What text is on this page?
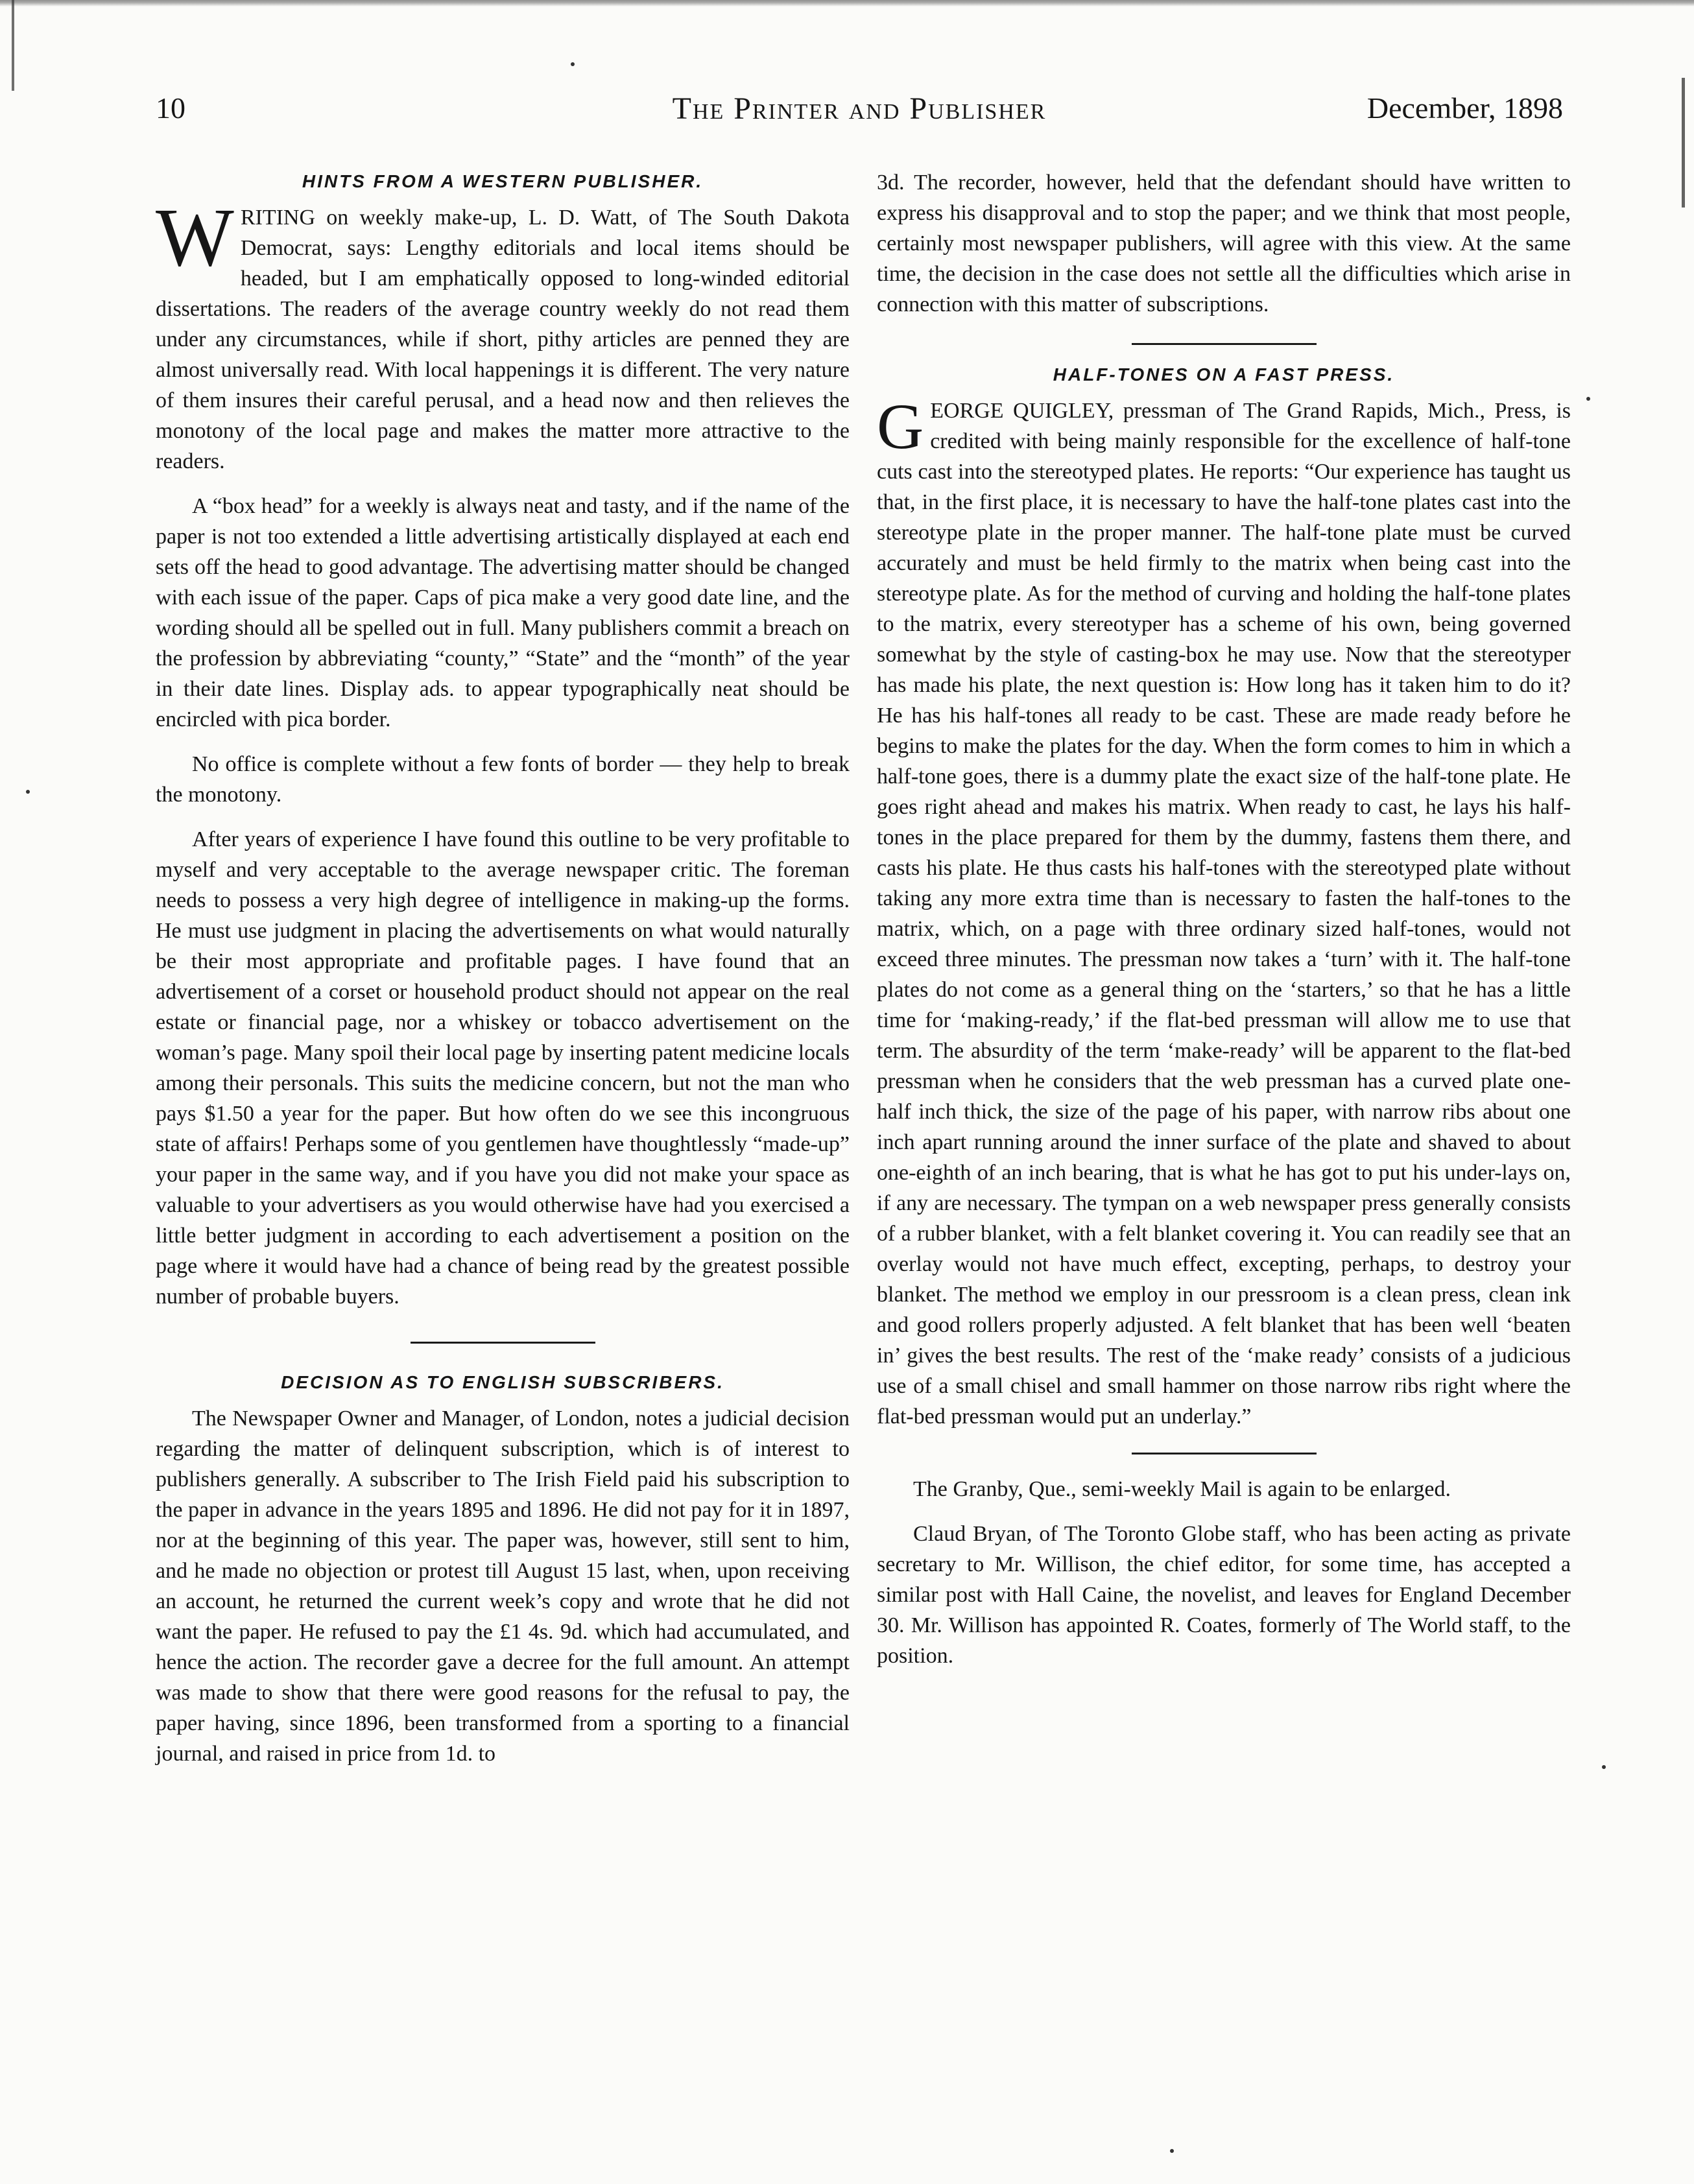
10	The Printer and Publisher	December, 1898
HINTS FROM A WESTERN PUBLISHER.

WRITING on weekly make-up, L. D. Watt, of The South Dakota Democrat, says: Lengthy editorials and local items should be headed, but I am emphatically opposed to long-winded editorial dissertations. The readers of the average country weekly do not read them under any circumstances, while if short, pithy articles are penned they are almost universally read. With local happenings it is different. The very nature of them insures their careful perusal, and a head now and then relieves the monotony of the local page and makes the matter more attractive to the readers.

A “box head” for a weekly is always neat and tasty, and if the name of the paper is not too extended a little advertising artistically displayed at each end sets off the head to good advantage. The advertising matter should be changed with each issue of the paper. Caps of pica make a very good date line, and the wording should all be spelled out in full. Many publishers commit a breach on the profession by abbreviating “county,” “State” and the “month” of the year in their date lines. Display ads. to appear typographically neat should be encircled with pica border.

No office is complete without a few fonts of border — they help to break the monotony.

After years of experience I have found this outline to be very profitable to myself and very acceptable to the average newspaper critic. The foreman needs to possess a very high degree of intelligence in making-up the forms. He must use judgment in placing the advertisements on what would naturally be their most appropriate and profitable pages. I have found that an advertisement of a corset or household product should not appear on the real estate or financial page, nor a whiskey or tobacco advertisement on the woman’s page. Many spoil their local page by inserting patent medicine locals among their personals. This suits the medicine concern, but not the man who pays $1.50 a year for the paper. But how often do we see this incongruous state of affairs! Perhaps some of you gentlemen have thoughtlessly “made-up” your paper in the same way, and if you have you did not make your space as valuable to your advertisers as you would otherwise have had you exercised a little better judgment in according to each advertisement a position on the page where it would have had a chance of being read by the greatest possible number of probable buyers.

DECISION AS TO ENGLISH SUBSCRIBERS.

The Newspaper Owner and Manager, of London, notes a judicial decision regarding the matter of delinquent subscription, which is of interest to publishers generally. A subscriber to The Irish Field paid his subscription to the paper in advance in the years 1895 and 1896. He did not pay for it in 1897, nor at the beginning of this year. The paper was, however, still sent to him, and he made no objection or protest till August 15 last, when, upon receiving an account, he returned the current week’s copy and wrote that he did not want the paper. He refused to pay the £1 4s. 9d. which had accumulated, and hence the action. The recorder gave a decree for the full amount. An attempt was made to show that there were good reasons for the refusal to pay, the paper having, since 1896, been transformed from a sporting to a financial journal, and raised in price from 1d. to

3d. The recorder, however, held that the defendant should have written to express his disapproval and to stop the paper; and we think that most people, certainly most newspaper publishers, will agree with this view. At the same time, the decision in the case does not settle all the difficulties which arise in connection with this matter of subscriptions.

HALF-TONES ON A FAST PRESS.

GEORGE QUIGLEY, pressman of The Grand Rapids, Mich., Press, is credited with being mainly responsible for the excellence of half-tone cuts cast into the stereotyped plates. He reports: “Our experience has taught us that, in the first place, it is necessary to have the half-tone plates cast into the stereotype plate in the proper manner. The half-tone plate must be curved accurately and must be held firmly to the matrix when being cast into the stereotype plate. As for the method of curving and holding the half-tone plates to the matrix, every stereotyper has a scheme of his own, being governed somewhat by the style of casting-box he may use. Now that the stereotyper has made his plate, the next question is: How long has it taken him to do it? He has his half-tones all ready to be cast. These are made ready before he begins to make the plates for the day. When the form comes to him in which a half-tone goes, there is a dummy plate the exact size of the half-tone plate. He goes right ahead and makes his matrix. When ready to cast, he lays his half-tones in the place prepared for them by the dummy, fastens them there, and casts his plate. He thus casts his half-tones with the stereotyped plate without taking any more extra time than is necessary to fasten the half-tones to the matrix, which, on a page with three ordinary sized half-tones, would not exceed three minutes. The pressman now takes a ‘turn’ with it. The half-tone plates do not come as a general thing on the ‘starters,’ so that he has a little time for ‘making-ready,’ if the flat-bed pressman will allow me to use that term. The absurdity of the term ‘make-ready’ will be apparent to the flat-bed pressman when he considers that the web pressman has a curved plate one-half inch thick, the size of the page of his paper, with narrow ribs about one inch apart running around the inner surface of the plate and shaved to about one-eighth of an inch bearing, that is what he has got to put his under-lays on, if any are necessary. The tympan on a web newspaper press generally consists of a rubber blanket, with a felt blanket covering it. You can readily see that an overlay would not have much effect, excepting, perhaps, to destroy your blanket. The method we employ in our pressroom is a clean press, clean ink and good rollers properly adjusted. A felt blanket that has been well ‘beaten in’ gives the best results. The rest of the ‘make ready’ consists of a judicious use of a small chisel and small hammer on those narrow ribs right where the flat-bed pressman would put an underlay.”

The Granby, Que., semi-weekly Mail is again to be enlarged.

Claud Bryan, of The Toronto Globe staff, who has been acting as private secretary to Mr. Willison, the chief editor, for some time, has accepted a similar post with Hall Caine, the novelist, and leaves for England December 30. Mr. Willison has appointed R. Coates, formerly of The World staff, to the position.
